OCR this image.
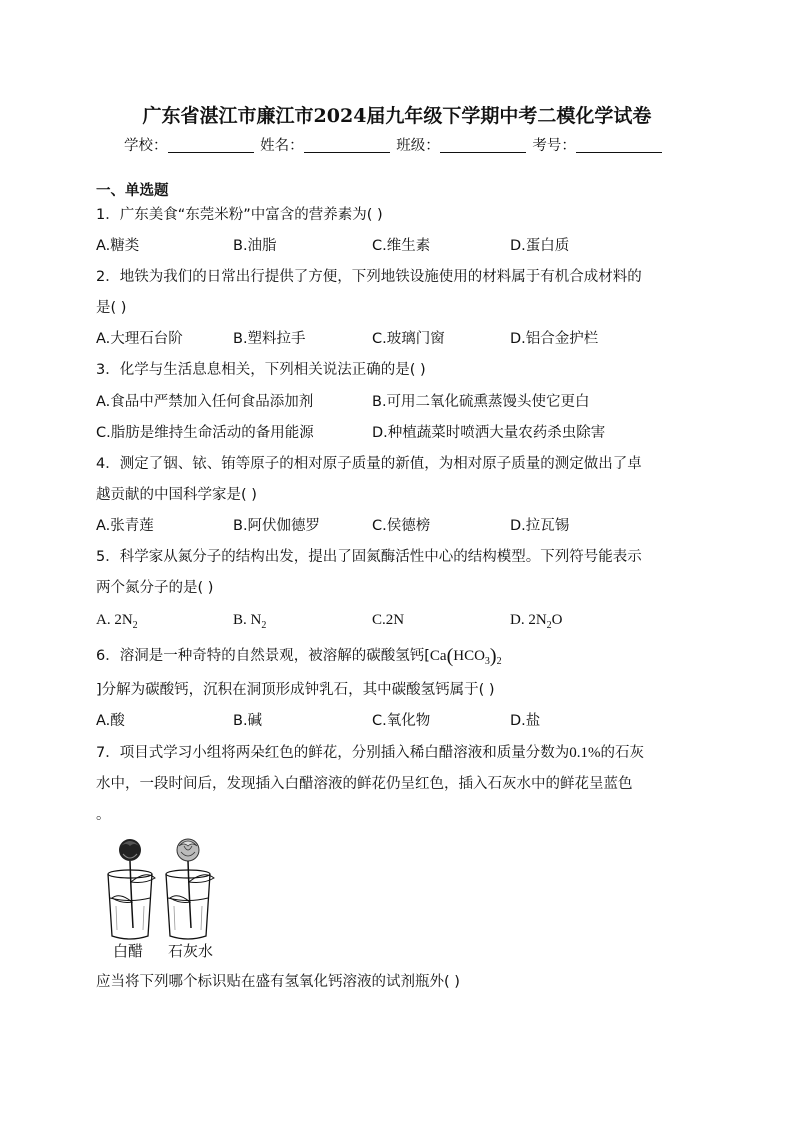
广东省湛江市廉江市2024届九年级下学期中考二模化学试卷
学校：	姓名：	班级：	考号：
一、单选题
1．广东美食“东莞米粉”中富含的营养素为( )
A.糖类	B.油脂	C.维生素	D.蛋白质
2．地铁为我们的日常出行提供了方便，下列地铁设施使用的材料属于有机合成材料的
是( )
A.大理石台阶	B.塑料拉手	C.玻璃门窗	D.铝合金护栏
3．化学与生活息息相关，下列相关说法正确的是( )
A.食品中严禁加入任何食品添加剂	B.可用二氧化硫熏蒸馒头使它更白
C.脂肪是维持生命活动的备用能源	D.种植蔬菜时喷洒大量农药杀虫除害
4．测定了铟、铱、铕等原子的相对原子质量的新值，为相对原子质量的测定做出了卓
越贡献的中国科学家是( )
A.张青莲	B.阿伏伽德罗	C.侯德榜	D.拉瓦锡
5．科学家从氮分子的结构出发，提出了固氮酶活性中心的结构模型。下列符号能表示
两个氮分子的是( )
A. $2N_2$	B. $N_2$	C.2N	D. $2N_2O$
6．溶洞是一种奇特的自然景观，被溶解的碳酸氢钙[$Ca(HCO_3)_2$
]分解为碳酸钙，沉积在洞顶形成钟乳石，其中碳酸氢钙属于( )
A.酸	B.碱	C.氧化物	D.盐
7．项目式学习小组将两朵红色的鲜花，分别插入稀白醋溶液和质量分数为0.1%的石灰
水中，一段时间后，发现插入白醋溶液的鲜花仍呈红色，插入石灰水中的鲜花呈蓝色
。
白醋 石灰水
应当将下列哪个标识贴在盛有氢氧化钙溶液的试剂瓶外( )
